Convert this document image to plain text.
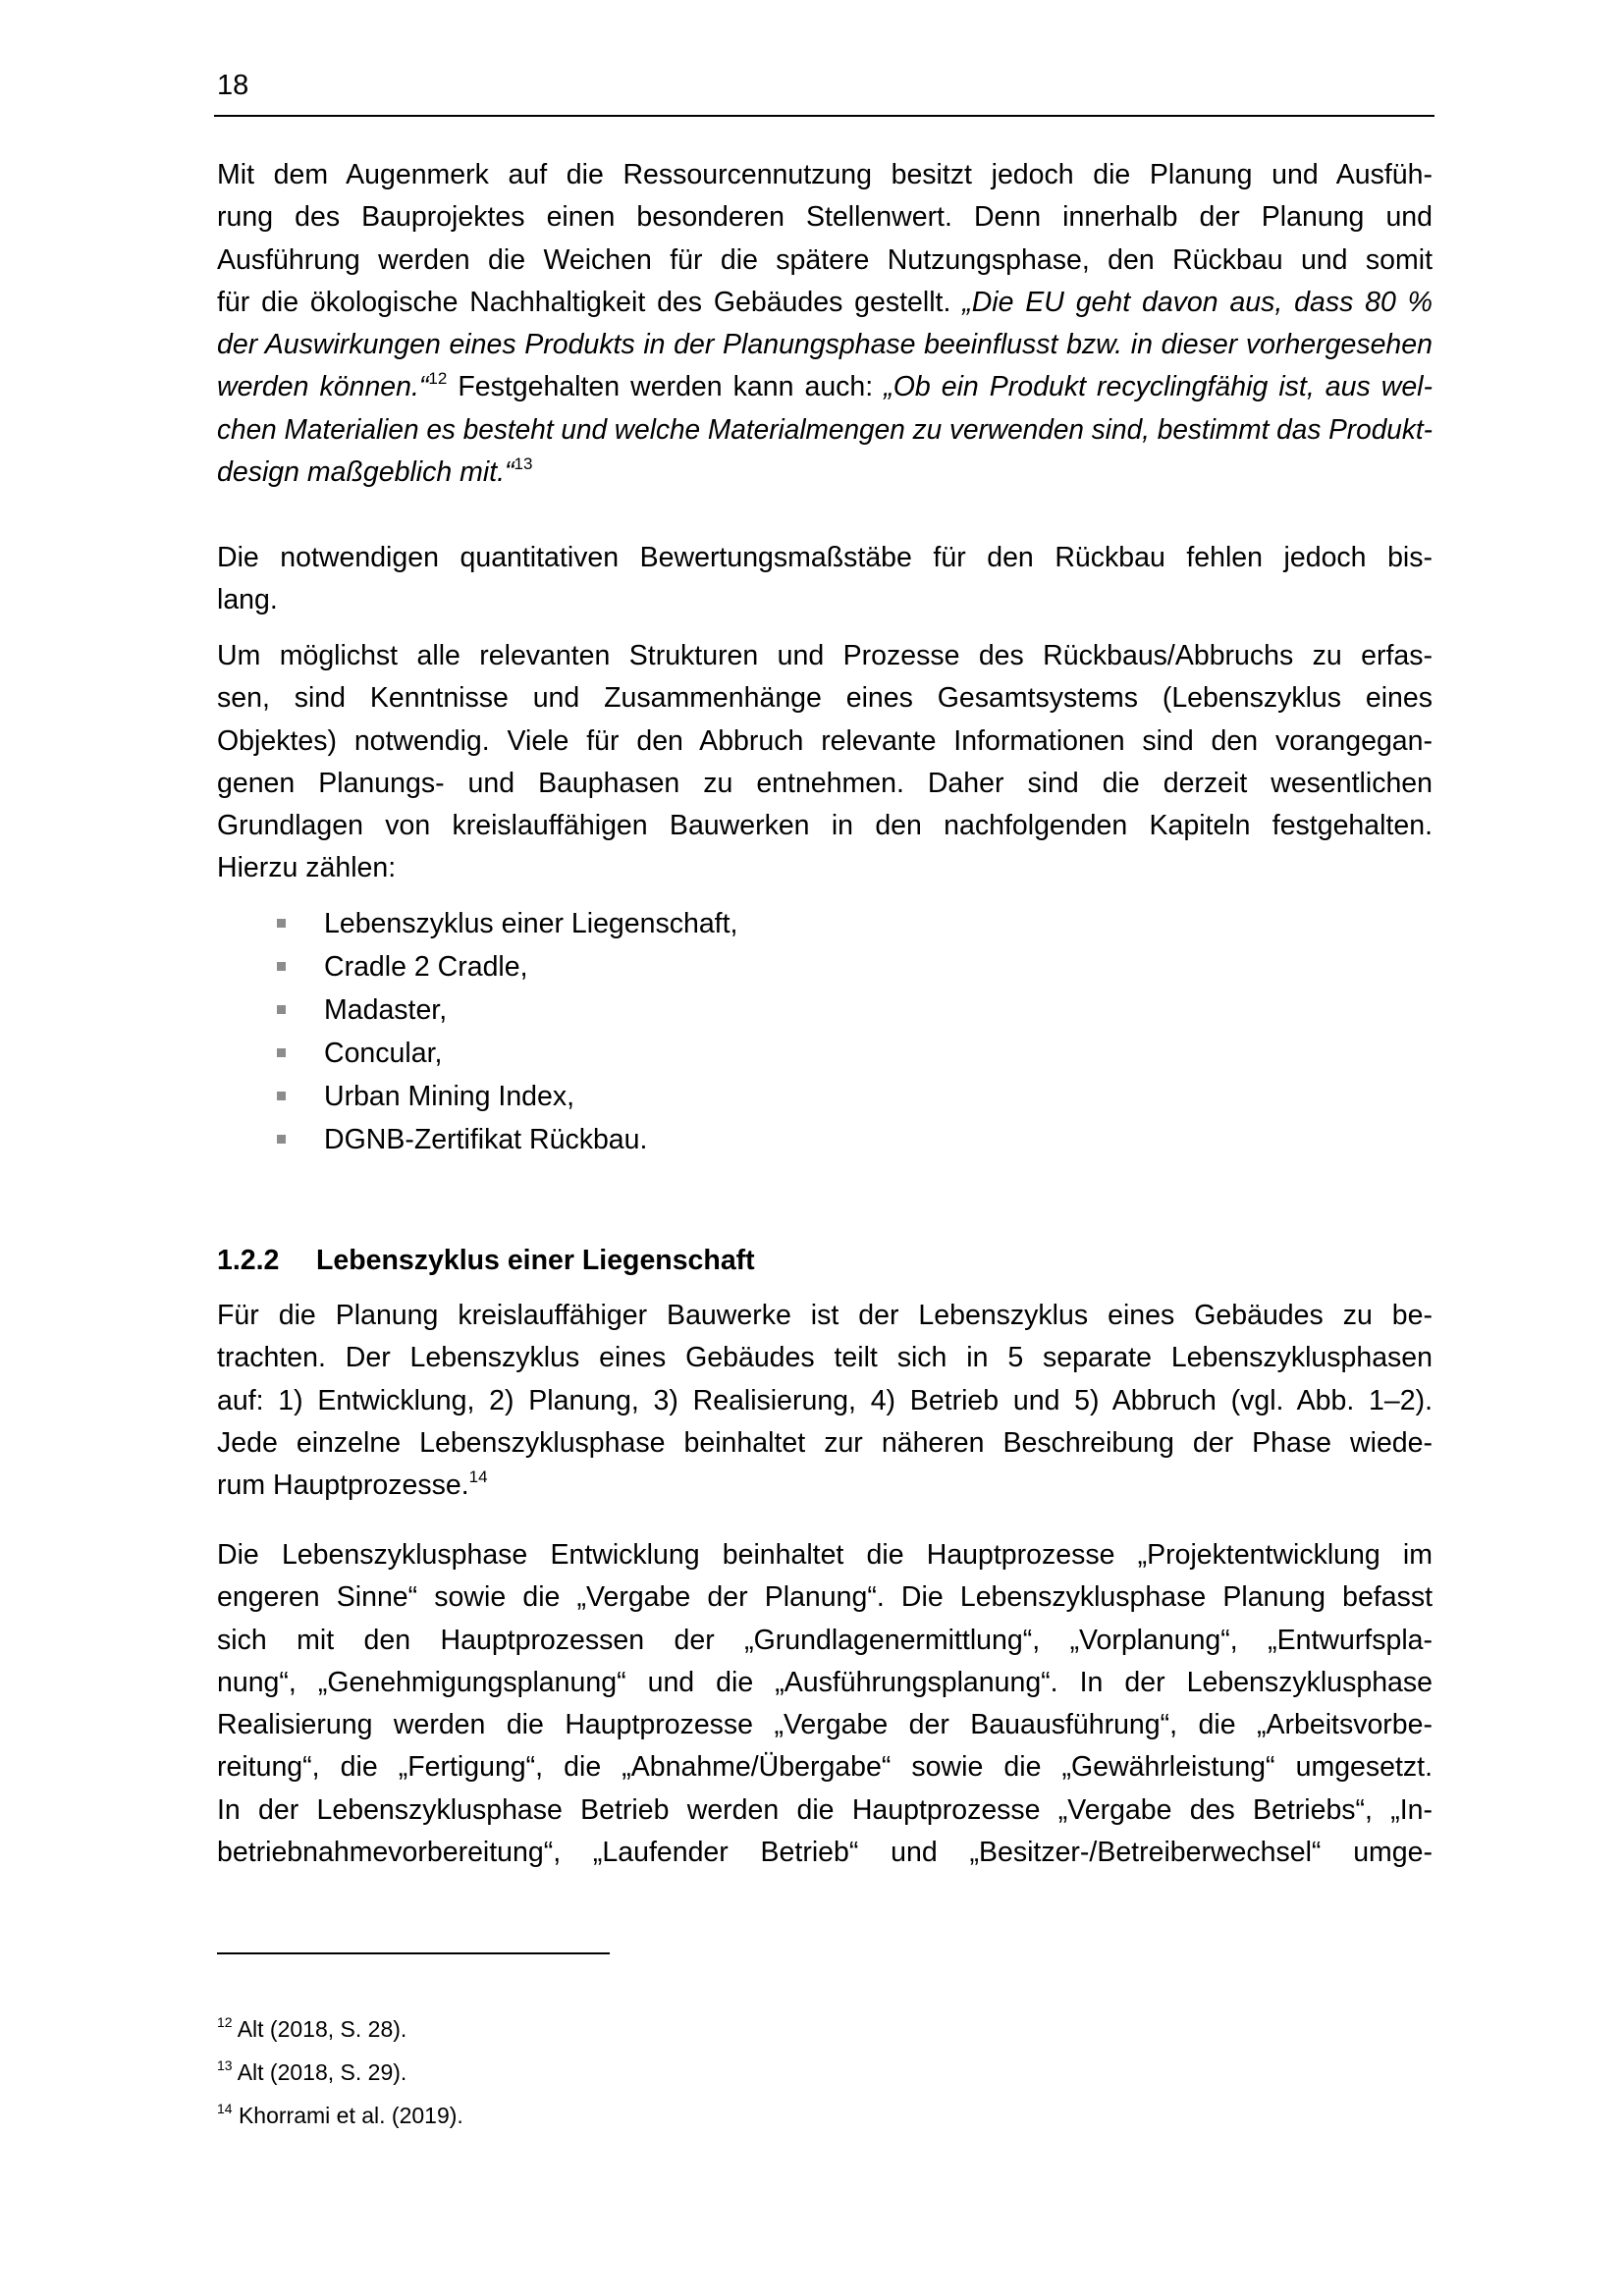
18
Mit dem Augenmerk auf die Ressourcennutzung besitzt jedoch die Planung und Ausfüh-
rung des Bauprojektes einen besonderen Stellenwert. Denn innerhalb der Planung und
Ausführung werden die Weichen für die spätere Nutzungsphase, den Rückbau und somit
für die ökologische Nachhaltigkeit des Gebäudes gestellt. „Die EU geht davon aus, dass 80 %
der Auswirkungen eines Produkts in der Planungsphase beeinflusst bzw. in dieser vorhergesehen
werden können.“$^{12}$ Festgehalten werden kann auch: „Ob ein Produkt recyclingfähig ist, aus wel-
chen Materialien es besteht und welche Materialmengen zu verwenden sind, bestimmt das Produkt-
design maßgeblich mit.“$^{13}$
Die notwendigen quantitativen Bewertungsmaßstäbe für den Rückbau fehlen jedoch bis-
lang.
Um möglichst alle relevanten Strukturen und Prozesse des Rückbaus/Abbruchs zu erfas-
sen, sind Kenntnisse und Zusammenhänge eines Gesamtsystems (Lebenszyklus eines
Objektes) notwendig. Viele für den Abbruch relevante Informationen sind den vorangegan-
genen Planungs- und Bauphasen zu entnehmen. Daher sind die derzeit wesentlichen
Grundlagen von kreislauffähigen Bauwerken in den nachfolgenden Kapiteln festgehalten.
Hierzu zählen:
Lebenszyklus einer Liegenschaft,
Cradle 2 Cradle,
Madaster,
Concular,
Urban Mining Index,
DGNB-Zertifikat Rückbau.
1.2.2 Lebenszyklus einer Liegenschaft
Für die Planung kreislauffähiger Bauwerke ist der Lebenszyklus eines Gebäudes zu be-
trachten. Der Lebenszyklus eines Gebäudes teilt sich in 5 separate Lebenszyklusphasen
auf: 1) Entwicklung, 2) Planung, 3) Realisierung, 4) Betrieb und 5) Abbruch (vgl. Abb. 1–2).
Jede einzelne Lebenszyklusphase beinhaltet zur näheren Beschreibung der Phase wiede-
rum Hauptprozesse.$^{14}$
Die Lebenszyklusphase Entwicklung beinhaltet die Hauptprozesse „Projektentwicklung im
engeren Sinne“ sowie die „Vergabe der Planung“. Die Lebenszyklusphase Planung befasst
sich mit den Hauptprozessen der „Grundlagenermittlung“, „Vorplanung“, „Entwurfspla-
nung“, „Genehmigungsplanung“ und die „Ausführungsplanung“. In der Lebenszyklusphase
Realisierung werden die Hauptprozesse „Vergabe der Bauausführung“, die „Arbeitsvorbe-
reitung“, die „Fertigung“, die „Abnahme/Übergabe“ sowie die „Gewährleistung“ umgesetzt.
In der Lebenszyklusphase Betrieb werden die Hauptprozesse „Vergabe des Betriebs“, „In-
betriebnahmevorbereitung“, „Laufender Betrieb“ und „Besitzer-/Betreiberwechsel“ umge-
$^{12}$ Alt (2018, S. 28).
$^{13}$ Alt (2018, S. 29).
$^{14}$ Khorrami et al. (2019).
